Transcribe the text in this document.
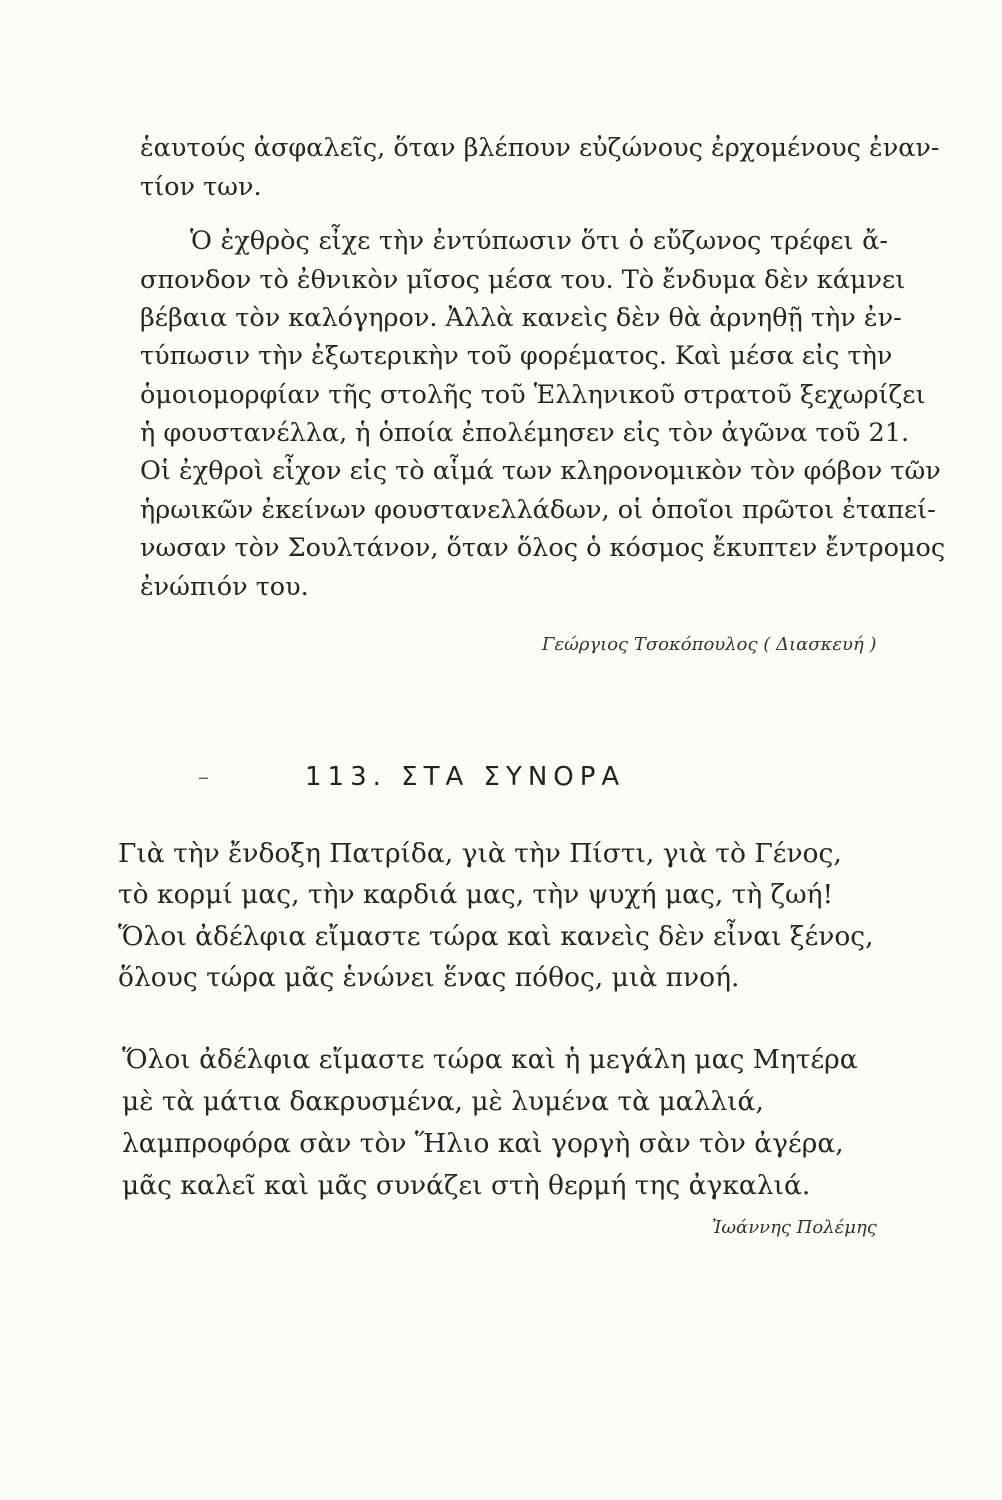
ἑαυτούς ἀσφαλεῖς, ὅταν βλέπουν εὐζώνους ἐρχομένους ἐναν-
τίον των.
Ὁ ἐχθρὸς εἶχε τὴν ἐντύπωσιν ὅτι ὁ εὔζωνος τρέφει ἄ-
σπονδον τὸ ἐθνικὸν μῖσος μέσα του. Τὸ ἔνδυμα δὲν κάμνει
βέβαια τὸν καλόγηρον. Ἀλλὰ κανεὶς δὲν θὰ ἀρνηθῇ τὴν ἐν-
τύπωσιν τὴν ἐξωτερικὴν τοῦ φορέματος. Καὶ μέσα εἰς τὴν
ὁμοιομορφίαν τῆς στολῆς τοῦ Ἑλληνικοῦ στρατοῦ ξεχωρίζει
ἡ φουστανέλλα, ἡ ὁποία ἐπολέμησεν εἰς τὸν ἀγῶνα τοῦ 21.
Οἱ ἐχθροὶ εἶχον εἰς τὸ αἷμά των κληρονομικὸν τὸν φόβον τῶν
ἡρωικῶν ἐκείνων φουστανελλάδων, οἱ ὁποῖοι πρῶτοι ἐταπεί-
νωσαν τὸν Σουλτάνον, ὅταν ὅλος ὁ κόσμος ἔκυπτεν ἔντρομος
ἐνώπιόν του.
Γεώργιος Τσοκόπουλος ( Διασκευή )
–	113. ΣΤΑ ΣΥΝΟΡΑ
Γιὰ τὴν ἔνδοξη Πατρίδα, γιὰ τὴν Πίστι, γιὰ τὸ Γένος,
τὸ κορμί μας, τὴν καρδιά μας, τὴν ψυχή μας, τὴ ζωή!
Ὅλοι ἀδέλφια εἴμαστε τώρα καὶ κανεὶς δὲν εἶναι ξένος,
ὅλους τώρα μᾶς ἑνώνει ἕνας πόθος, μιὰ πνοή.
Ὅλοι ἀδέλφια εἴμαστε τώρα καὶ ἡ μεγάλη μας Μητέρα
μὲ τὰ μάτια δακρυσμένα, μὲ λυμένα τὰ μαλλιά,
λαμπροφόρα σὰν τὸν Ἥλιο καὶ γοργὴ σὰν τὸν ἀγέρα,
μᾶς καλεῖ καὶ μᾶς συνάζει στὴ θερμή της ἀγκαλιά.
Ἰωάννης Πολέμης
